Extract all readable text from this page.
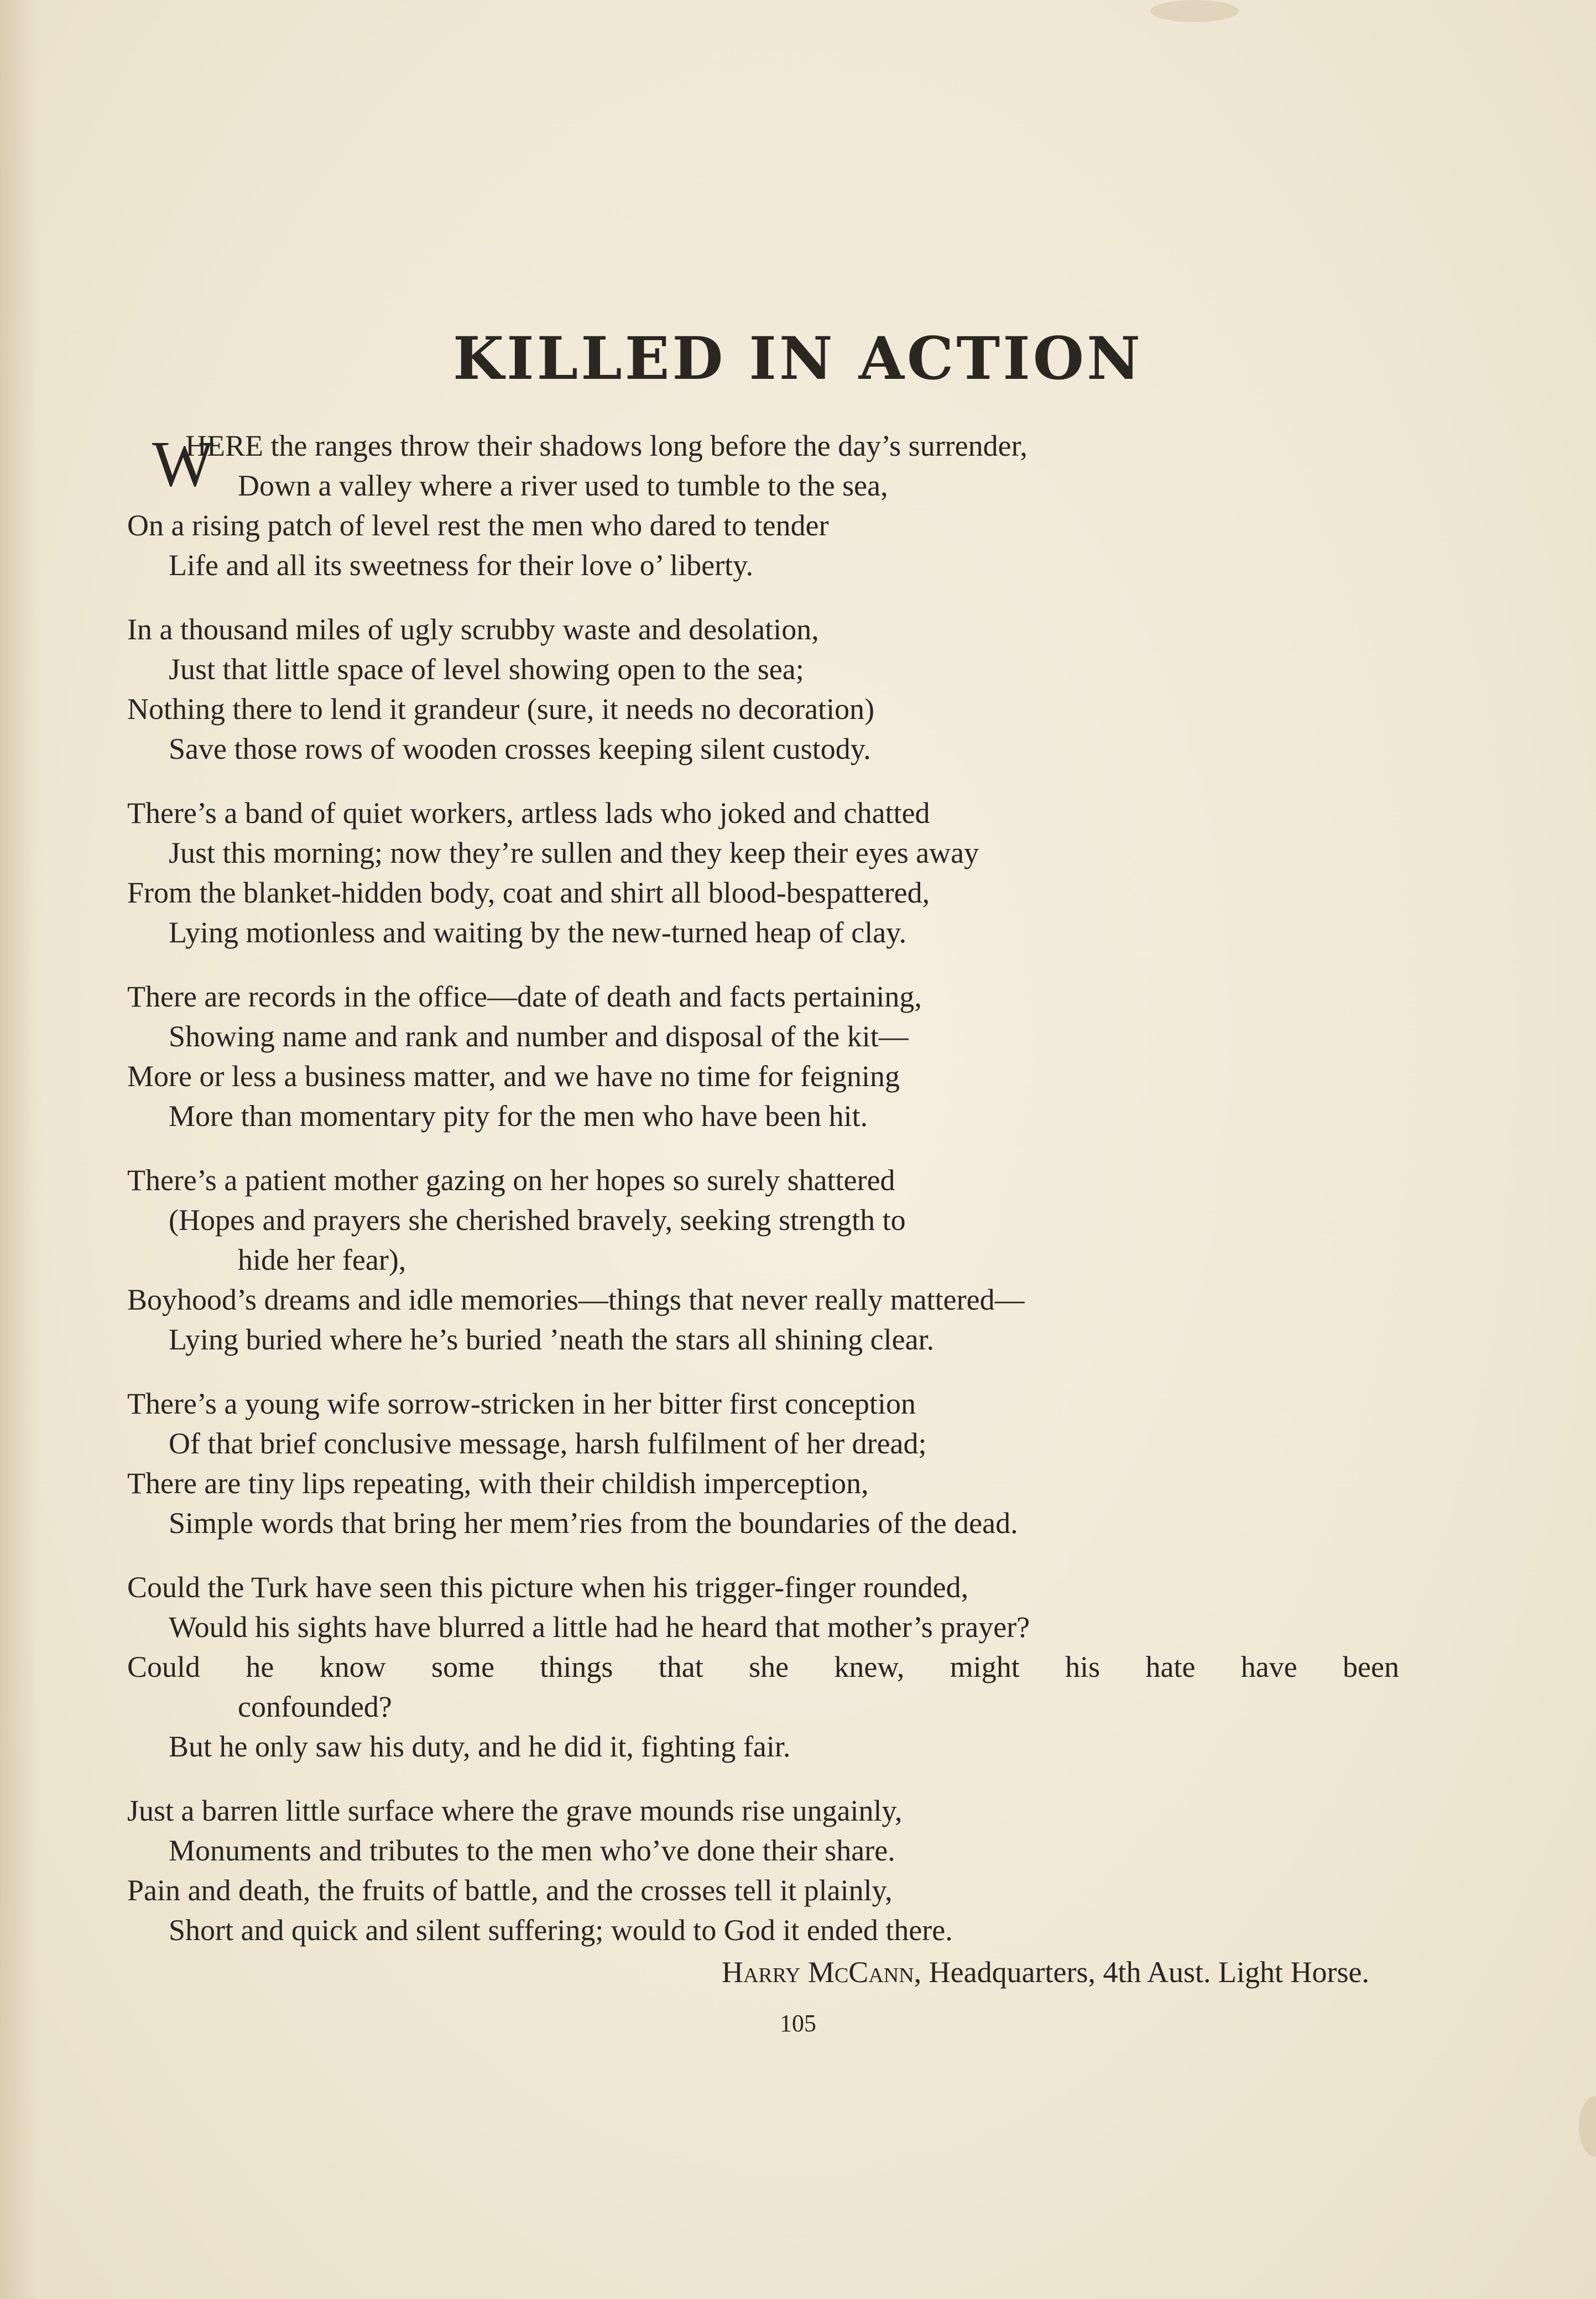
KILLED IN ACTION
W
HERE the ranges throw their shadows long before the day’s surrender,
Down a valley where a river used to tumble to the sea,
On a rising patch of level rest the men who dared to tender
Life and all its sweetness for their love o’ liberty.
In a thousand miles of ugly scrubby waste and desolation,
Just that little space of level showing open to the sea;
Nothing there to lend it grandeur (sure, it needs no decoration)
Save those rows of wooden crosses keeping silent custody.
There’s a band of quiet workers, artless lads who joked and chatted
Just this morning; now they’re sullen and they keep their eyes away
From the blanket-hidden body, coat and shirt all blood-bespattered,
Lying motionless and waiting by the new-turned heap of clay.
There are records in the office—date of death and facts pertaining,
Showing name and rank and number and disposal of the kit—
More or less a business matter, and we have no time for feigning
More than momentary pity for the men who have been hit.
There’s a patient mother gazing on her hopes so surely shattered
(Hopes and prayers she cherished bravely, seeking strength to
hide her fear),
Boyhood’s dreams and idle memories—things that never really mattered—
Lying buried where he’s buried ’neath the stars all shining clear.
There’s a young wife sorrow-stricken in her bitter first conception
Of that brief conclusive message, harsh fulfilment of her dread;
There are tiny lips repeating, with their childish imperception,
Simple words that bring her mem’ries from the boundaries of the dead.
Could the Turk have seen this picture when his trigger-finger rounded,
Would his sights have blurred a little had he heard that mother’s prayer?
Could he know some things that she knew, might his hate have been
confounded?
But he only saw his duty, and he did it, fighting fair.
Just a barren little surface where the grave mounds rise ungainly,
Monuments and tributes to the men who’ve done their share.
Pain and death, the fruits of battle, and the crosses tell it plainly,
Short and quick and silent suffering; would to God it ended there.
Harry McCann, Headquarters, 4th Aust. Light Horse.
105
